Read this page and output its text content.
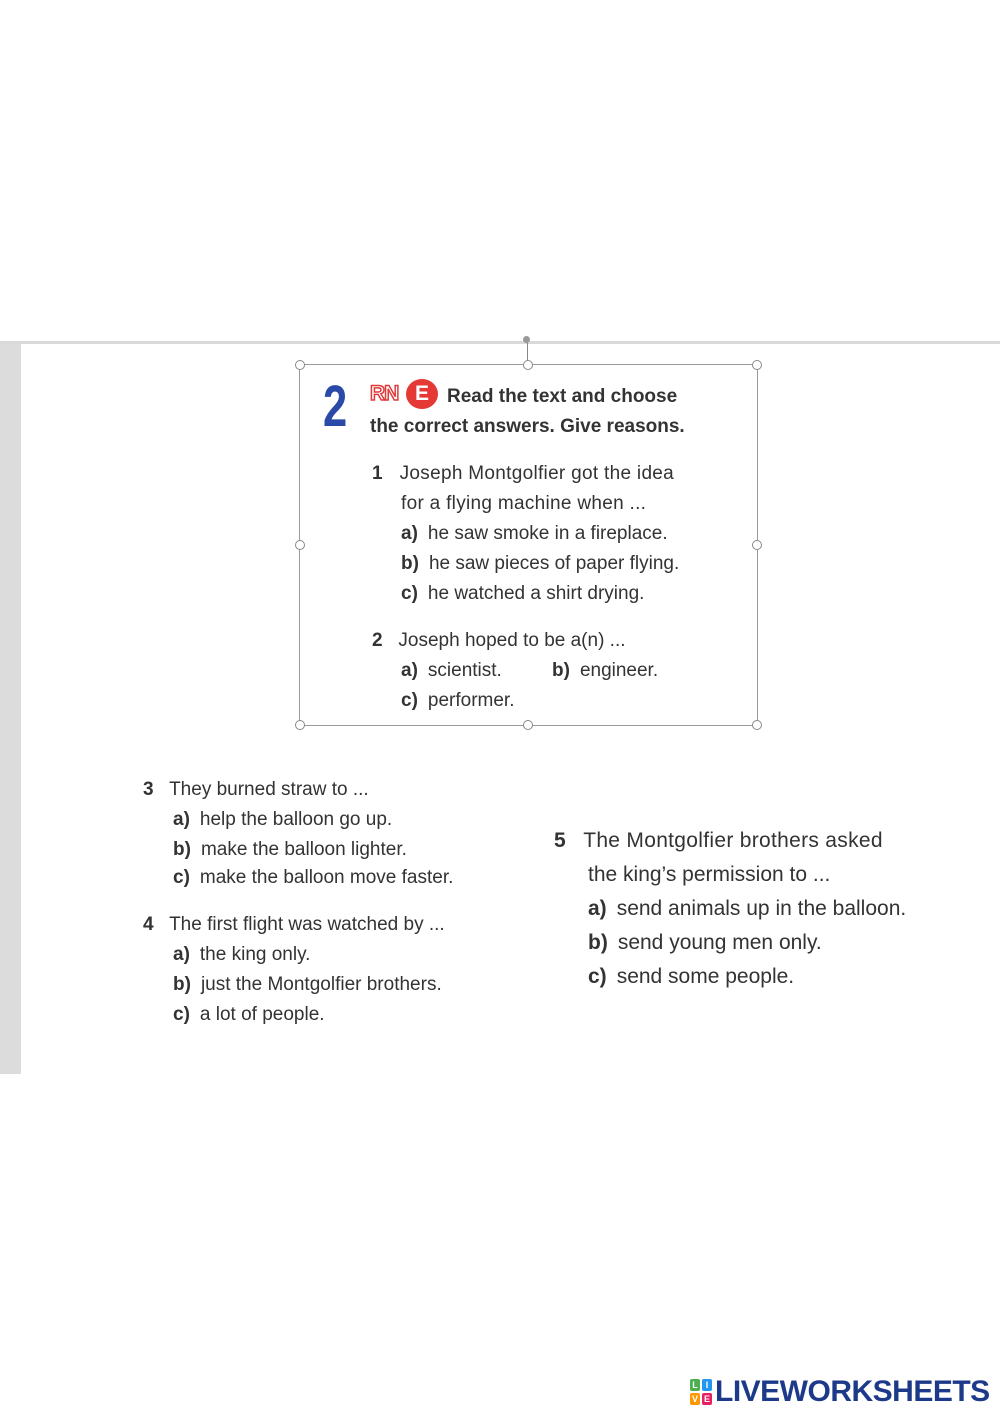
2 RN E Read the text and choose
the correct answers. Give reasons.
1 Joseph Montgolfier got the idea
for a flying machine when ...
a) he saw smoke in a fireplace.
b) he saw pieces of paper flying.
c) he watched a shirt drying.
2 Joseph hoped to be a(n) ...
a) scientist.	b) engineer.
c) performer.
3 They burned straw to ...
a) help the balloon go up.
b) make the balloon lighter.
c) make the balloon move faster.
4 The first flight was watched by ...
a) the king only.
b) just the Montgolfier brothers.
c) a lot of people.
5 The Montgolfier brothers asked
the king’s permission to ...
a) send animals up in the balloon.
b) send young men only.
c) send some people.
L I
V E LIVEWORKSHEETS
